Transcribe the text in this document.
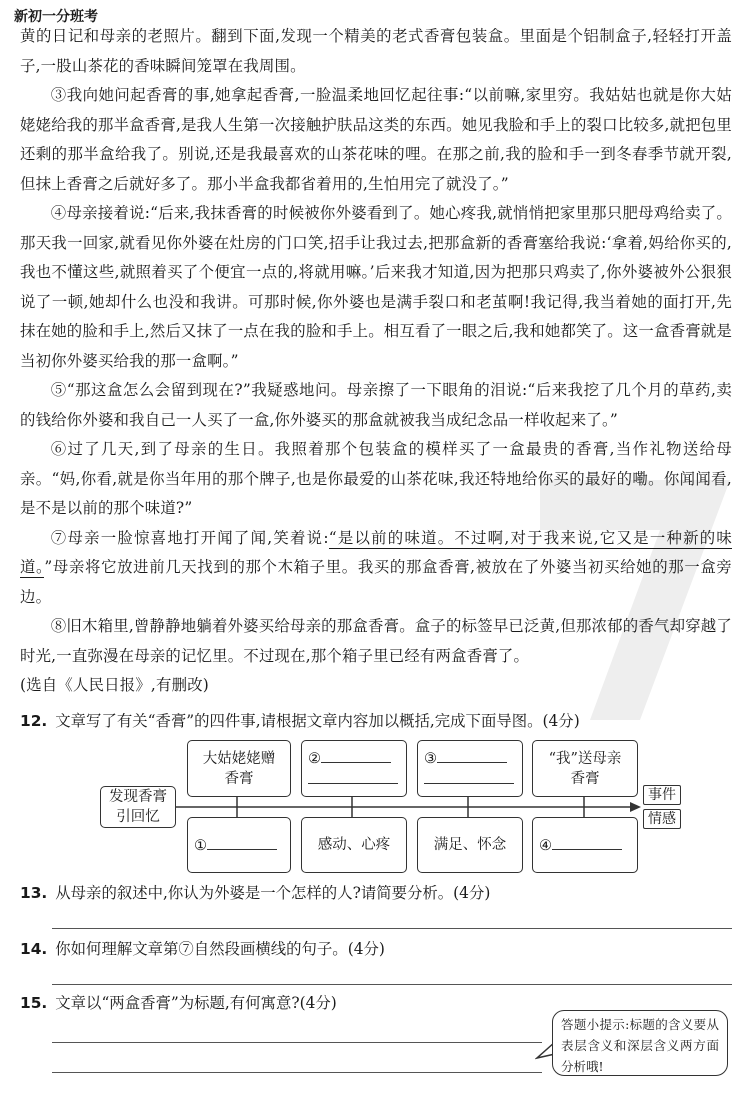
新初一分班考

黄的日记和母亲的老照片。翻到下面,发现一个精美的老式香膏包装盒。里面是个铝制盒子,轻轻打开盖子,一股山茶花的香味瞬间笼罩在我周围。

③我向她问起香膏的事,她拿起香膏,一脸温柔地回忆起往事:“以前嘛,家里穷。我姑姑也就是你大姑姥姥给我的那半盒香膏,是我人生第一次接触护肤品这类的东西。她见我脸和手上的裂口比较多,就把包里还剩的那半盒给我了。别说,还是我最喜欢的山茶花味的哩。在那之前,我的脸和手一到冬春季节就开裂,但抹上香膏之后就好多了。那小半盒我都省着用的,生怕用完了就没了。”

④母亲接着说:“后来,我抹香膏的时候被你外婆看到了。她心疼我,就悄悄把家里那只肥母鸡给卖了。那天我一回家,就看见你外婆在灶房的门口笑,招手让我过去,把那盒新的香膏塞给我说:‘拿着,妈给你买的,我也不懂这些,就照着买了个便宜一点的,将就用嘛。’后来我才知道,因为把那只鸡卖了,你外婆被外公狠狠说了一顿,她却什么也没和我讲。可那时候,你外婆也是满手裂口和老茧啊!我记得,我当着她的面打开,先抹在她的脸和手上,然后又抹了一点在我的脸和手上。相互看了一眼之后,我和她都笑了。这一盒香膏就是当初你外婆买给我的那一盒啊。”

⑤“那这盒怎么会留到现在?”我疑惑地问。母亲擦了一下眼角的泪说:“后来我挖了几个月的草药,卖的钱给你外婆和我自己一人买了一盒,你外婆买的那盒就被我当成纪念品一样收起来了。”

⑥过了几天,到了母亲的生日。我照着那个包装盒的模样买了一盒最贵的香膏,当作礼物送给母亲。“妈,你看,就是你当年用的那个牌子,也是你最爱的山茶花味,我还特地给你买的最好的嘞。你闻闻看,是不是以前的那个味道?”

⑦母亲一脸惊喜地打开闻了闻,笑着说:“是以前的味道。不过啊,对于我来说,它又是一种新的味道。”母亲将它放进前几天找到的那个木箱子里。我买的那盒香膏,被放在了外婆当初买给她的那一盒旁边。

⑧旧木箱里,曾静静地躺着外婆买给母亲的那盒香膏。盒子的标签早已泛黄,但那浓郁的香气却穿越了时光,一直弥漫在母亲的记忆里。不过现在,那个箱子里已经有两盒香膏了。

(选自《人民日报》,有删改)

12. 文章写了有关“香膏”的四件事,请根据文章内容加以概括,完成下面导图。(4分)
发现香膏
引回忆
大姑姥姥赠
香膏
②	③	“我”送母亲
香膏
①	感动、心疼	满足、怀念 ④
事件
情感
13. 从母亲的叙述中,你认为外婆是一个怎样的人?请简要分析。(4分)
14. 你如何理解文章第⑦自然段画横线的句子。(4分)
15. 文章以“两盒香膏”为标题,有何寓意?(4分)
答题小提示:标题的含义要从表层含义和深层含义两方面分析哦!
